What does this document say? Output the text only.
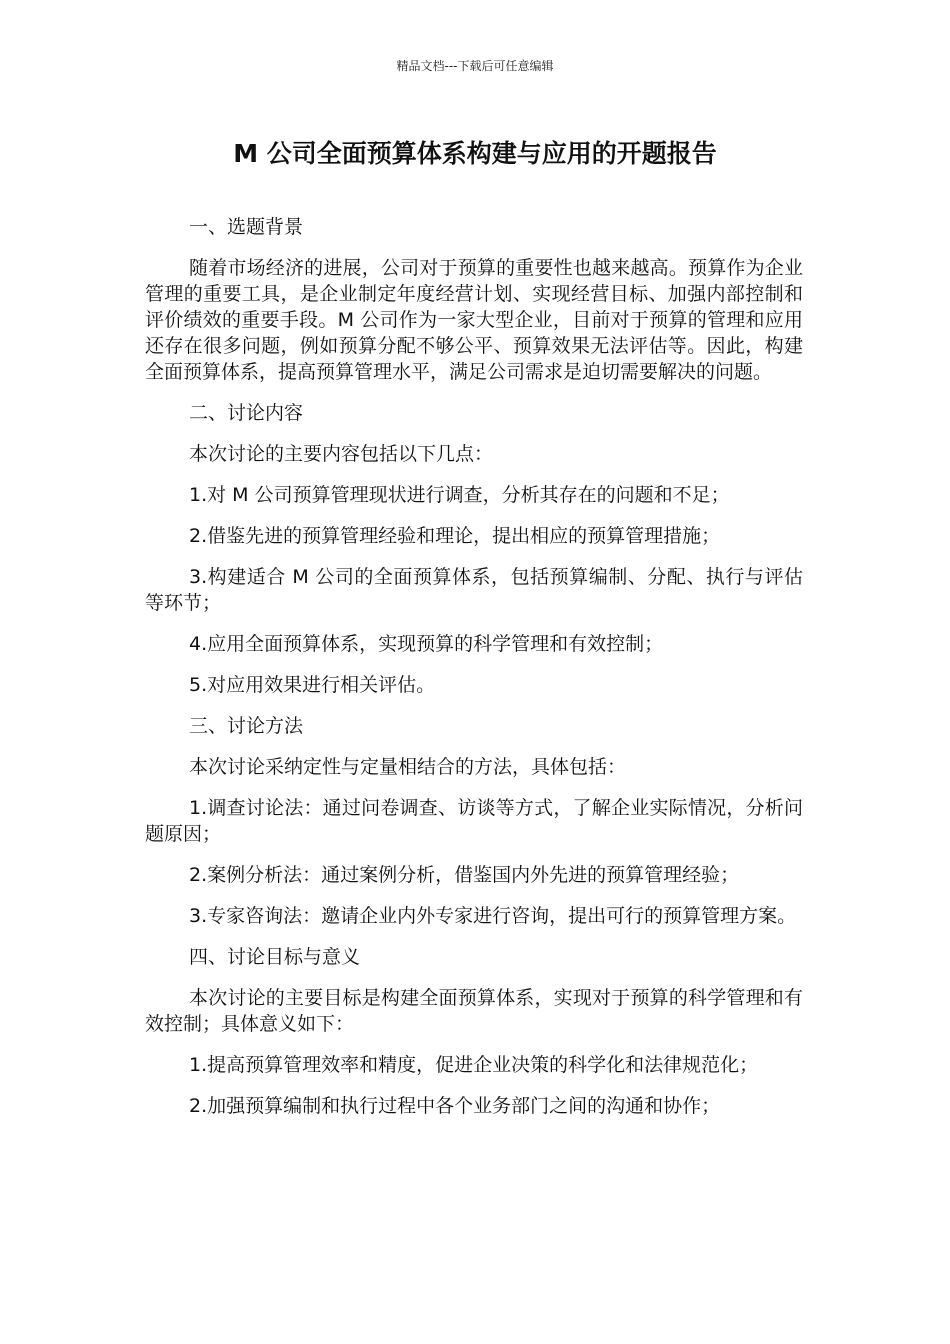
精品文档---下载后可任意编辑
M 公司全面预算体系构建与应用的开题报告

一、选题背景

随着市场经济的进展，公司对于预算的重要性也越来越高。预算作为企业管理的重要工具，是企业制定年度经营计划、实现经营目标、加强内部控制和评价绩效的重要手段。M 公司作为一家大型企业，目前对于预算的管理和应用还存在很多问题，例如预算分配不够公平、预算效果无法评估等。因此，构建全面预算体系，提高预算管理水平，满足公司需求是迫切需要解决的问题。

二、讨论内容

本次讨论的主要内容包括以下几点：

1.对 M 公司预算管理现状进行调查，分析其存在的问题和不足；

2.借鉴先进的预算管理经验和理论，提出相应的预算管理措施；

3.构建适合 M 公司的全面预算体系，包括预算编制、分配、执行与评估等环节；

4.应用全面预算体系，实现预算的科学管理和有效控制；

5.对应用效果进行相关评估。

三、讨论方法

本次讨论采纳定性与定量相结合的方法，具体包括：

1.调查讨论法：通过问卷调查、访谈等方式，了解企业实际情况，分析问题原因；

2.案例分析法：通过案例分析，借鉴国内外先进的预算管理经验；

3.专家咨询法：邀请企业内外专家进行咨询，提出可行的预算管理方案。

四、讨论目标与意义

本次讨论的主要目标是构建全面预算体系，实现对于预算的科学管理和有效控制；具体意义如下：

1.提高预算管理效率和精度，促进企业决策的科学化和法律规范化；

2.加强预算编制和执行过程中各个业务部门之间的沟通和协作；
